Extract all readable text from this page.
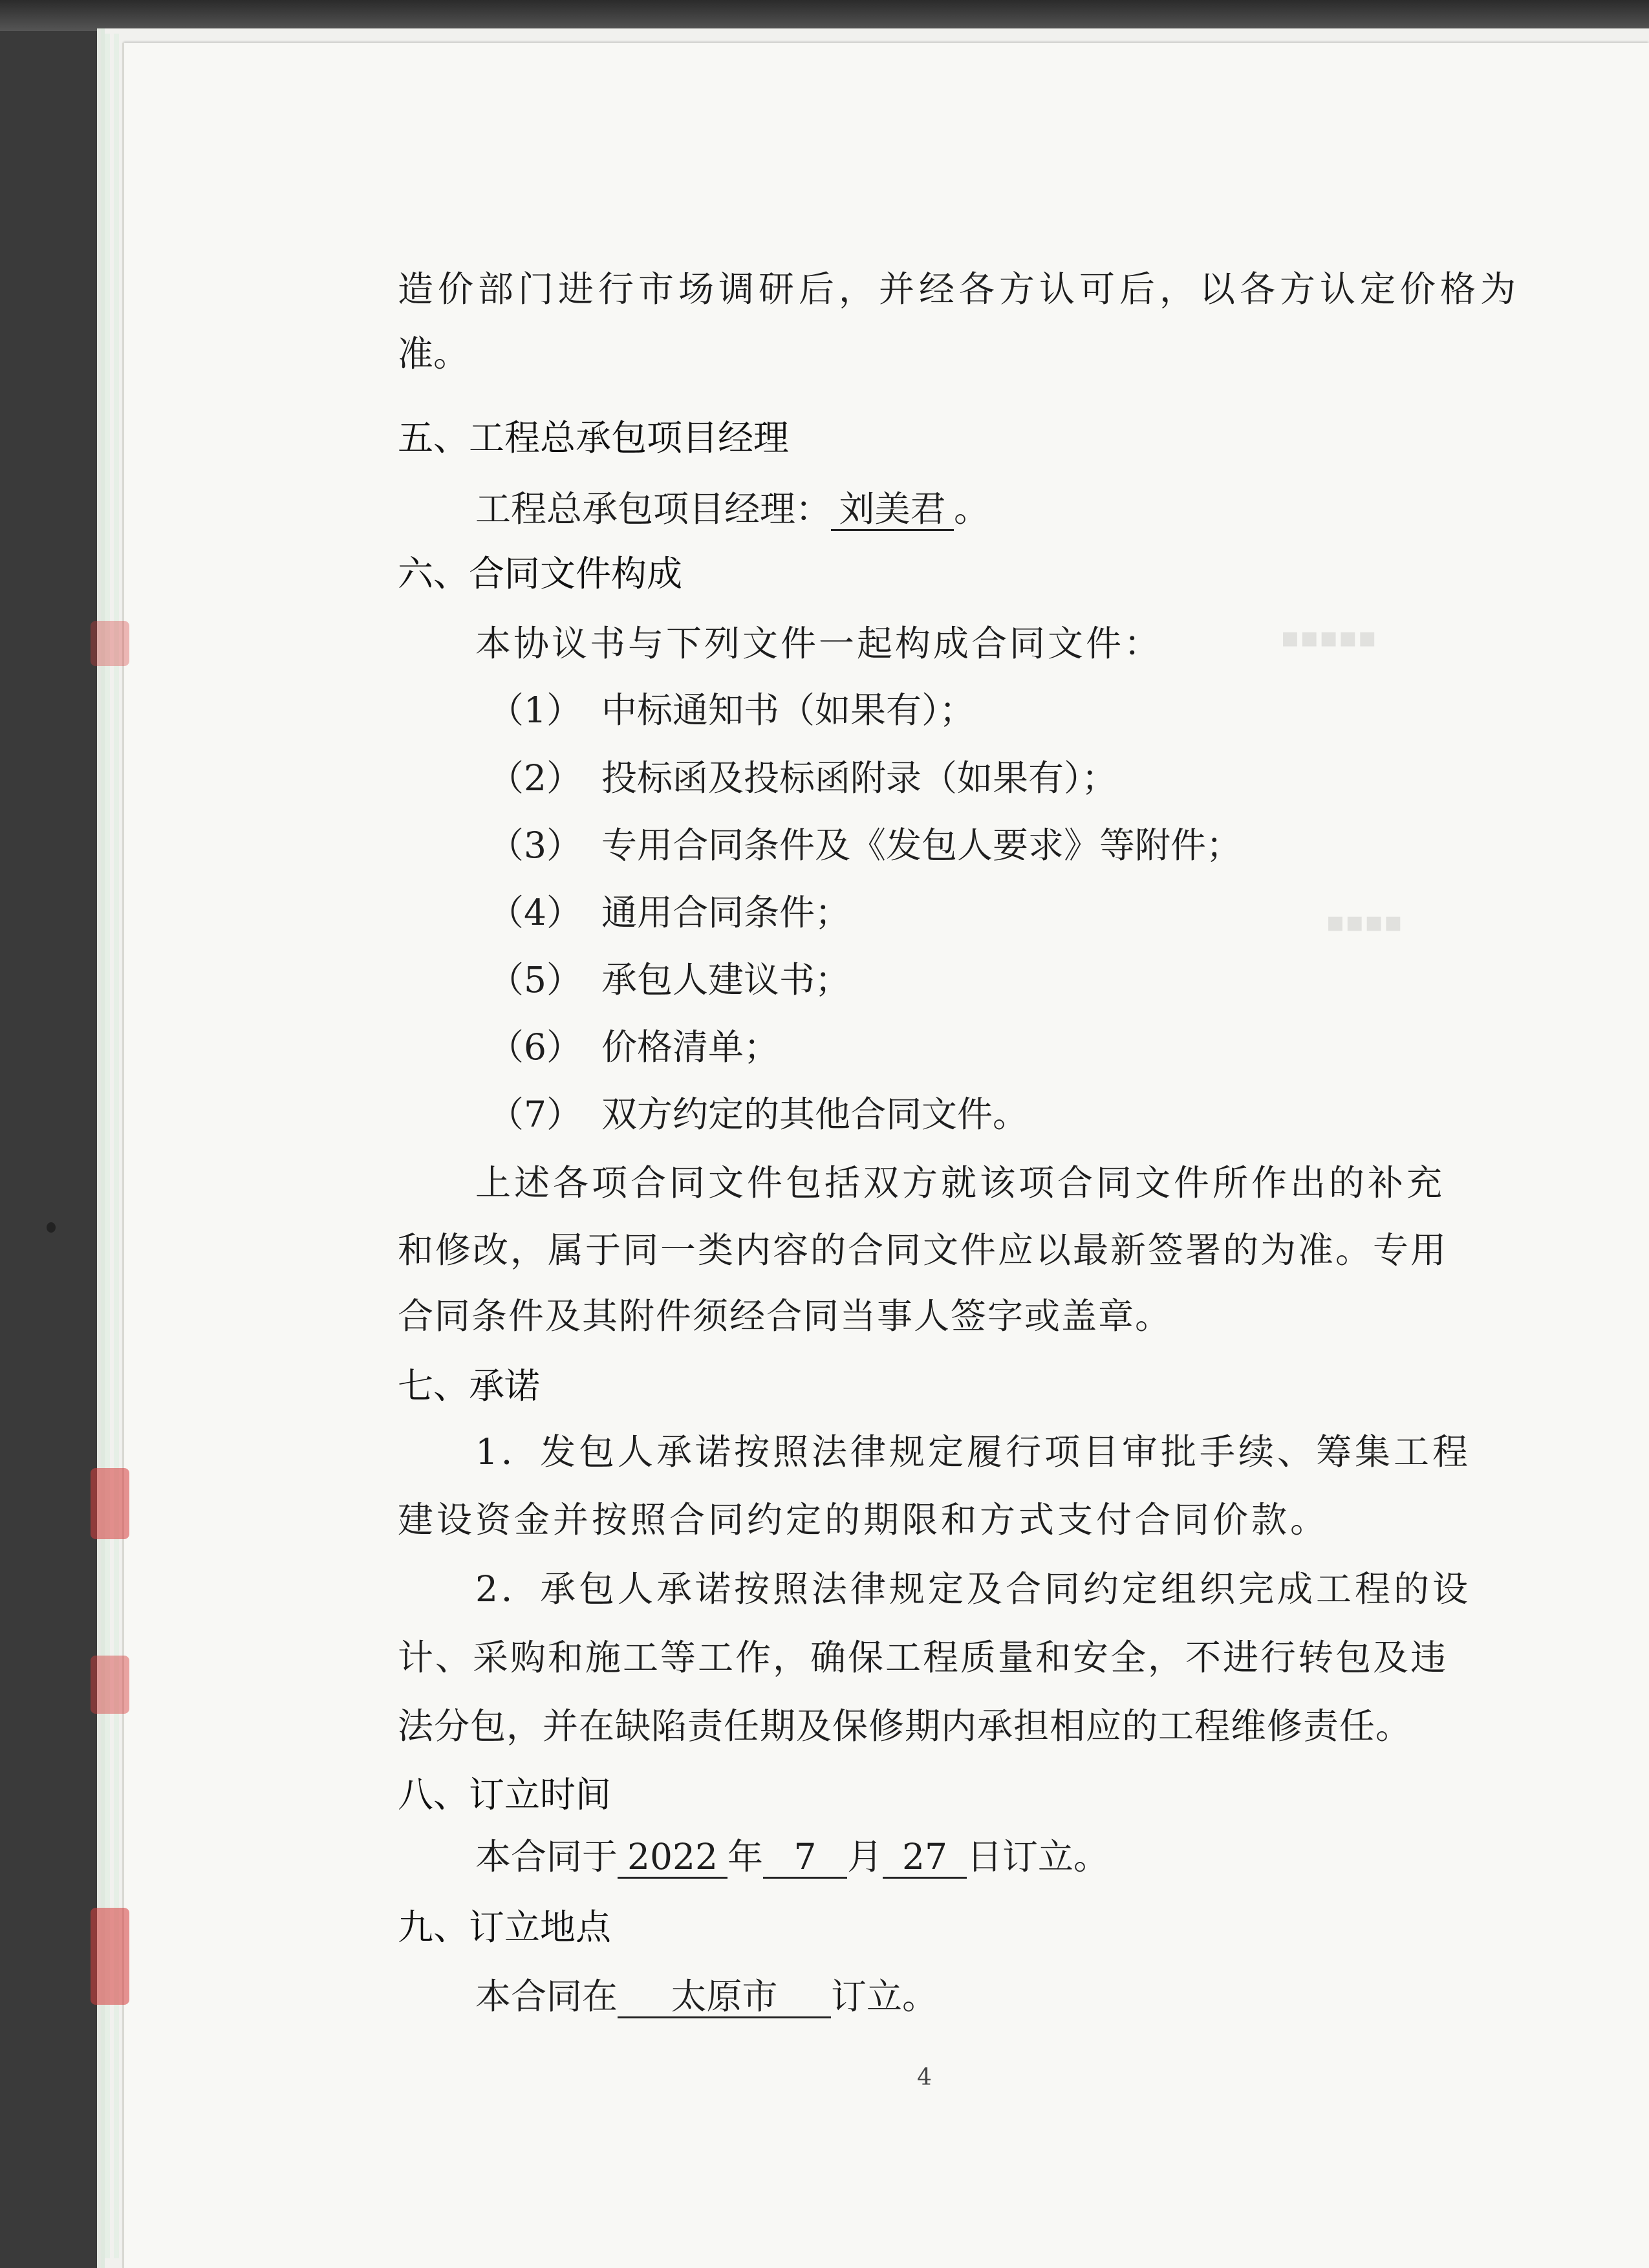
▪▪▪▪▪
▪▪▪▪
造价部门进行市场调研后，并经各方认可后，以各方认定价格为
准。
五、工程总承包项目经理
工程总承包项目经理： 刘美君 。
六、合同文件构成
本协议书与下列文件一起构成合同文件：
（1） 中标通知书（如果有）；
（2） 投标函及投标函附录（如果有）；
（3） 专用合同条件及《发包人要求》等附件；
（4） 通用合同条件；
（5） 承包人建议书；
（6） 价格清单；
（7） 双方约定的其他合同文件。
上述各项合同文件包括双方就该项合同文件所作出的补充
和修改，属于同一类内容的合同文件应以最新签署的为准。专用
合同条件及其附件须经合同当事人签字或盖章。
七、承诺
1．发包人承诺按照法律规定履行项目审批手续、筹集工程
建设资金并按照合同约定的期限和方式支付合同价款。
2．承包人承诺按照法律规定及合同约定组织完成工程的设
计、采购和施工等工作，确保工程质量和安全，不进行转包及违
法分包，并在缺陷责任期及保修期内承担相应的工程维修责任。
八、订立时间
本合同于 2022 年 7 月 27 日订立。
九、订立地点
本合同在 太原市 订立。
4
